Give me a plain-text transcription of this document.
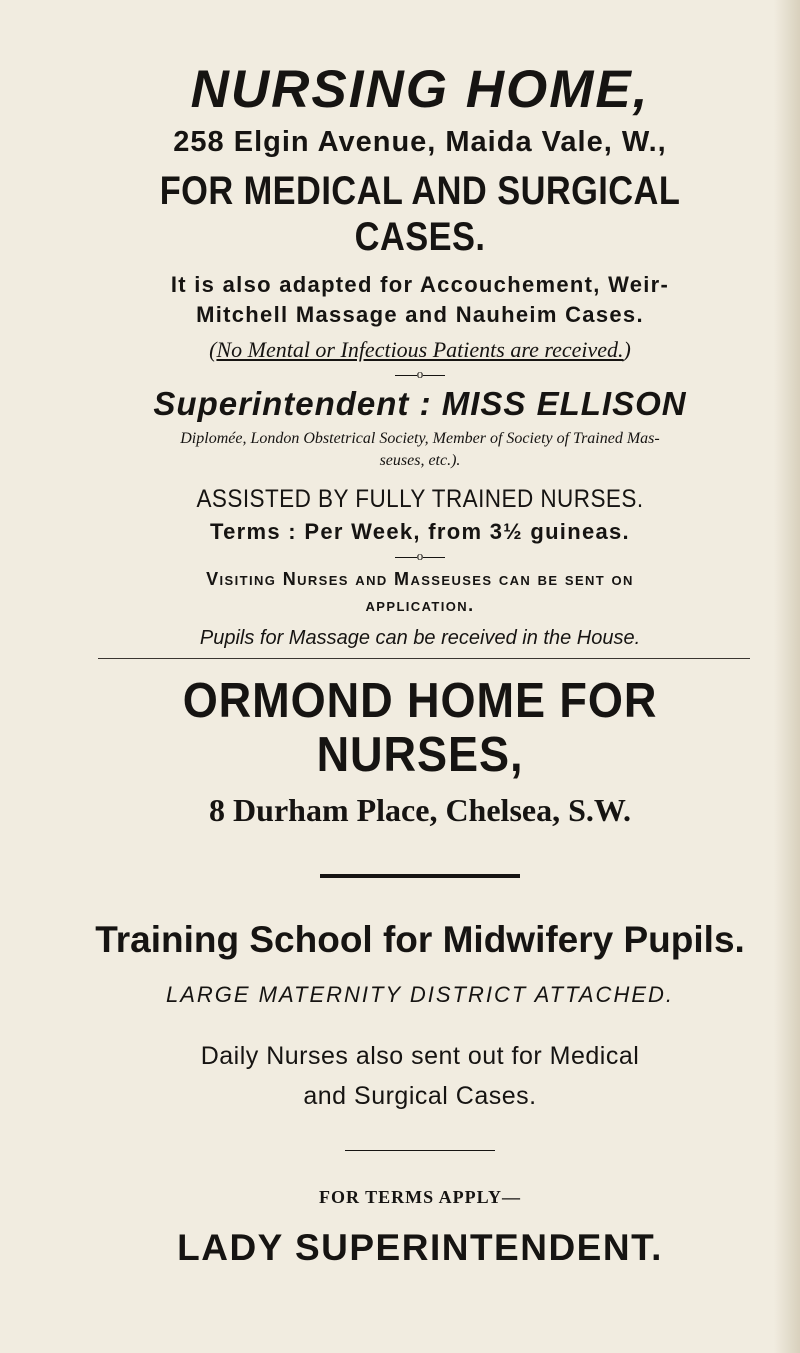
NURSING HOME,

258 Elgin Avenue, Maida Vale, W.,

FOR MEDICAL AND SURGICAL CASES.

It is also adapted for Accouchement, Weir-
Mitchell Massage and Nauheim Cases.

(No Mental or Infectious Patients are received.)

o

Superintendent : MISS ELLISON

Diplomée, London Obstetrical Society, Member of Society of Trained Mas-
seuses, etc.).

ASSISTED BY FULLY TRAINED NURSES.

Terms : Per Week, from 3½ guineas.

o

Visiting Nurses and Masseuses can be sent on
application.

Pupils for Massage can be received in the House.

ORMOND HOME FOR NURSES,

8 Durham Place, Chelsea, S.W.

Training School for Midwifery Pupils.

LARGE MATERNITY DISTRICT ATTACHED.

Daily Nurses also sent out for Medical
and Surgical Cases.

FOR TERMS APPLY—

LADY SUPERINTENDENT.
